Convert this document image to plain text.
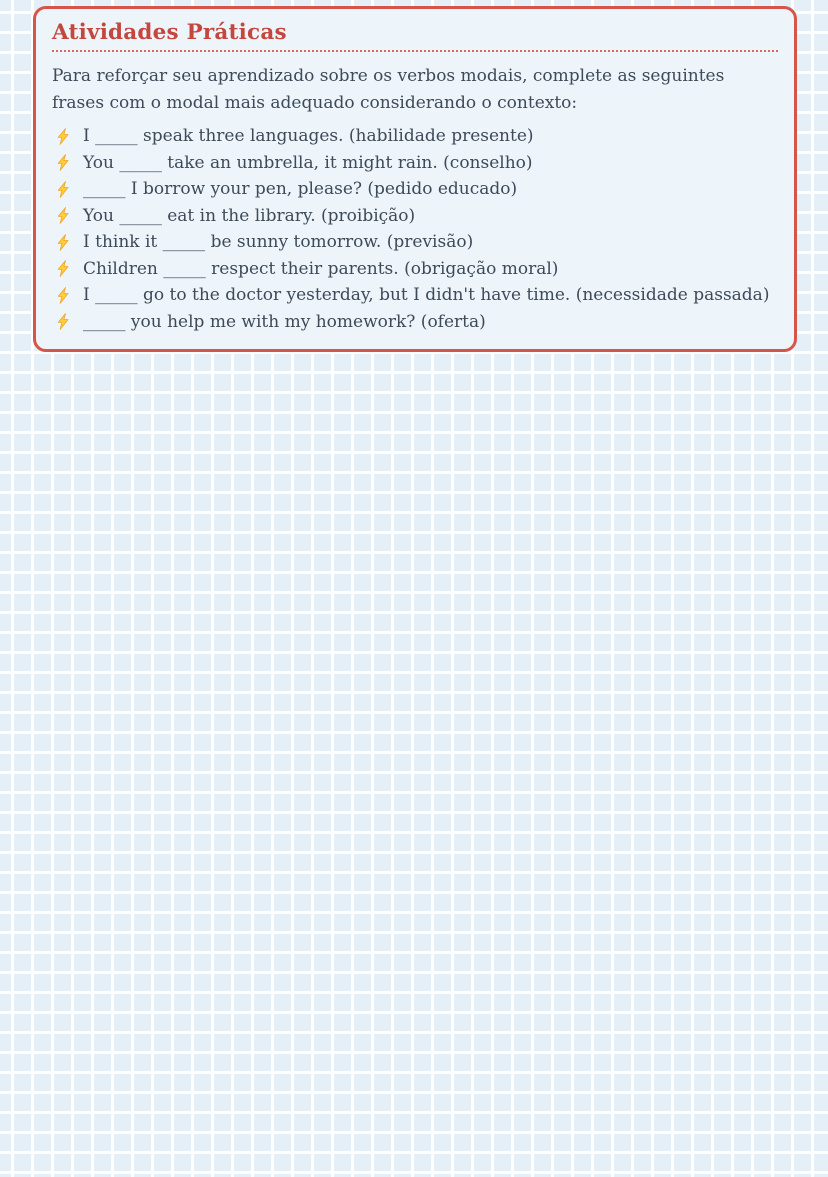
Atividades Práticas

Para reforçar seu aprendizado sobre os verbos modais, complete as seguintes frases com o modal mais adequado considerando o contexto:

I _____ speak three languages. (habilidade presente)
You _____ take an umbrella, it might rain. (conselho)
_____ I borrow your pen, please? (pedido educado)
You _____ eat in the library. (proibição)
I think it _____ be sunny tomorrow. (previsão)
Children _____ respect their parents. (obrigação moral)
I _____ go to the doctor yesterday, but I didn't have time. (necessidade passada)
_____ you help me with my homework? (oferta)
